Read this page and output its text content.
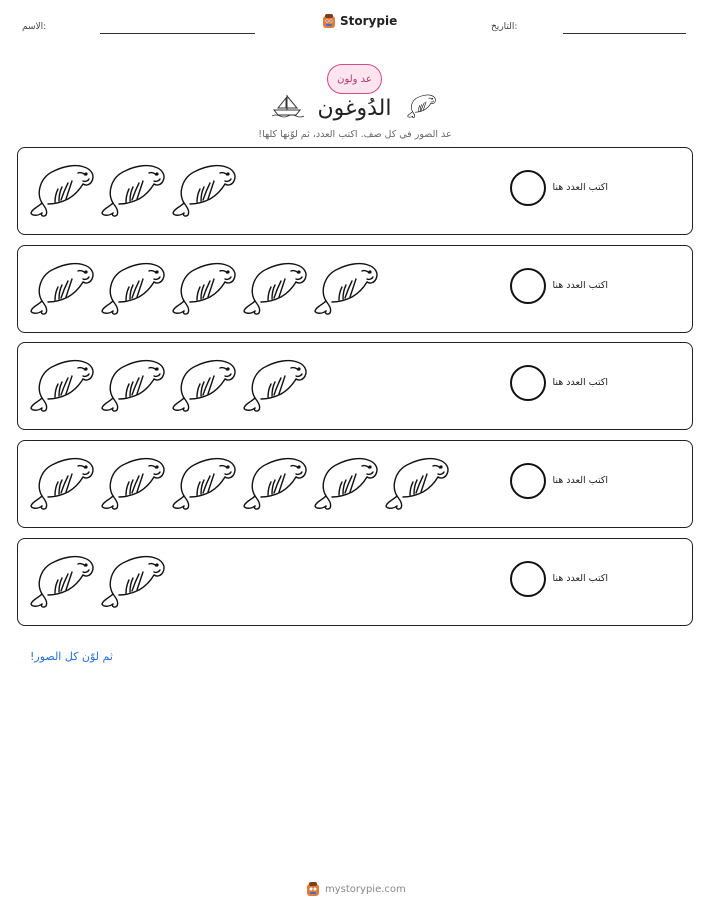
الاسم:	Storypie	التاريخ:
عد ولون
الدُوغون
عد الصور في كل صف. اكتب العدد، ثم لوّنها كلها!
اكتب العدد هنا
اكتب العدد هنا
اكتب العدد هنا
اكتب العدد هنا
اكتب العدد هنا
ثم لوّن كل الصور!
mystorypie.com
